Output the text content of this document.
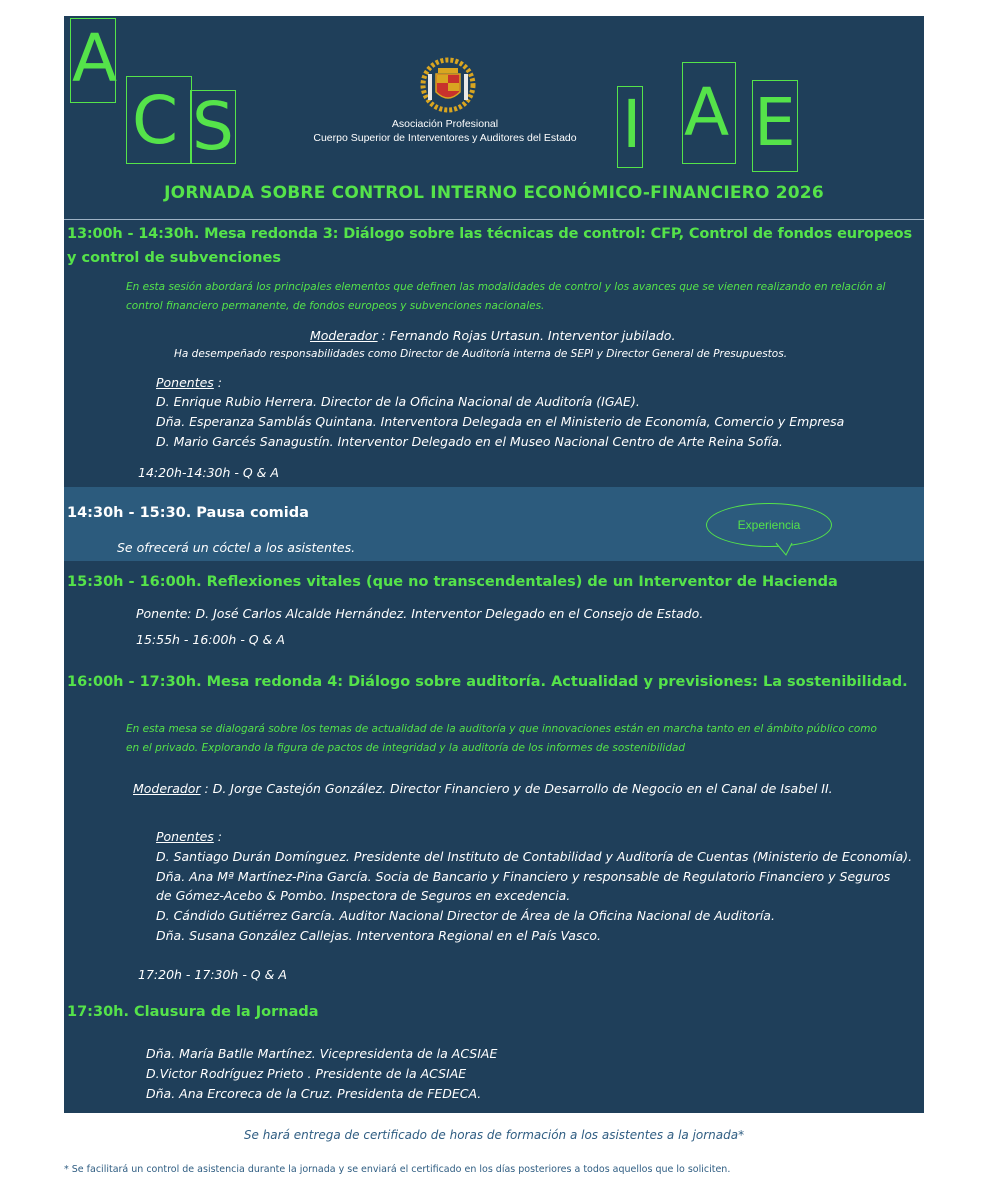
A
C S	I A E
Asociación Profesional
Cuerpo Superior de Interventores y Auditores del Estado
JORNADA SOBRE CONTROL INTERNO ECONÓMICO-FINANCIERO 2026
13:00h - 14:30h. Mesa redonda 3: Diálogo sobre las técnicas de control: CFP, Control de fondos europeos
y control de subvenciones
En esta sesión abordará los principales elementos que definen las modalidades de control y los avances que se vienen realizando en relación al
control financiero permanente, de fondos europeos y subvenciones nacionales.
Moderador : Fernando Rojas Urtasun. Interventor jubilado.
Ha desempeñado responsabilidades como Director de Auditoría interna de SEPI y Director General de Presupuestos.
Ponentes :
D. Enrique Rubio Herrera. Director de la Oficina Nacional de Auditoría (IGAE).
Dña. Esperanza Samblás Quintana. Interventora Delegada en el Ministerio de Economía, Comercio y Empresa
D. Mario Garcés Sanagustín. Interventor Delegado en el Museo Nacional Centro de Arte Reina Sofía.
14:20h-14:30h - Q & A
14:30h - 15:30. Pausa comida
Se ofrecerá un cóctel a los asistentes.
Experiencia
15:30h - 16:00h. Reflexiones vitales (que no transcendentales) de un Interventor de Hacienda
Ponente: D. José Carlos Alcalde Hernández. Interventor Delegado en el Consejo de Estado.
15:55h - 16:00h - Q & A
16:00h - 17:30h. Mesa redonda 4: Diálogo sobre auditoría. Actualidad y previsiones: La sostenibilidad.
En esta mesa se dialogará sobre los temas de actualidad de la auditoría y que innovaciones están en marcha tanto en el ámbito público como
en el privado. Explorando la figura de pactos de integridad y la auditoría de los informes de sostenibilidad
Moderador : D. Jorge Castejón González. Director Financiero y de Desarrollo de Negocio en el Canal de Isabel II.
Ponentes :
D. Santiago Durán Domínguez. Presidente del Instituto de Contabilidad y Auditoría de Cuentas (Ministerio de Economía).
Dña. Ana Mª Martínez-Pina García. Socia de Bancario y Financiero y responsable de Regulatorio Financiero y Seguros
de Gómez-Acebo & Pombo. Inspectora de Seguros en excedencia.
D. Cándido Gutiérrez García. Auditor Nacional Director de Área de la Oficina Nacional de Auditoría.
Dña. Susana González Callejas. Interventora Regional en el País Vasco.
17:20h - 17:30h - Q & A
17:30h. Clausura de la Jornada
Dña. María Batlle Martínez. Vicepresidenta de la ACSIAE
D.Victor Rodríguez Prieto . Presidente de la ACSIAE
Dña. Ana Ercoreca de la Cruz. Presidenta de FEDECA.
Se hará entrega de certificado de horas de formación a los asistentes a la jornada*
* Se facilitará un control de asistencia durante la jornada y se enviará el certificado en los días posteriores a todos aquellos que lo soliciten.
